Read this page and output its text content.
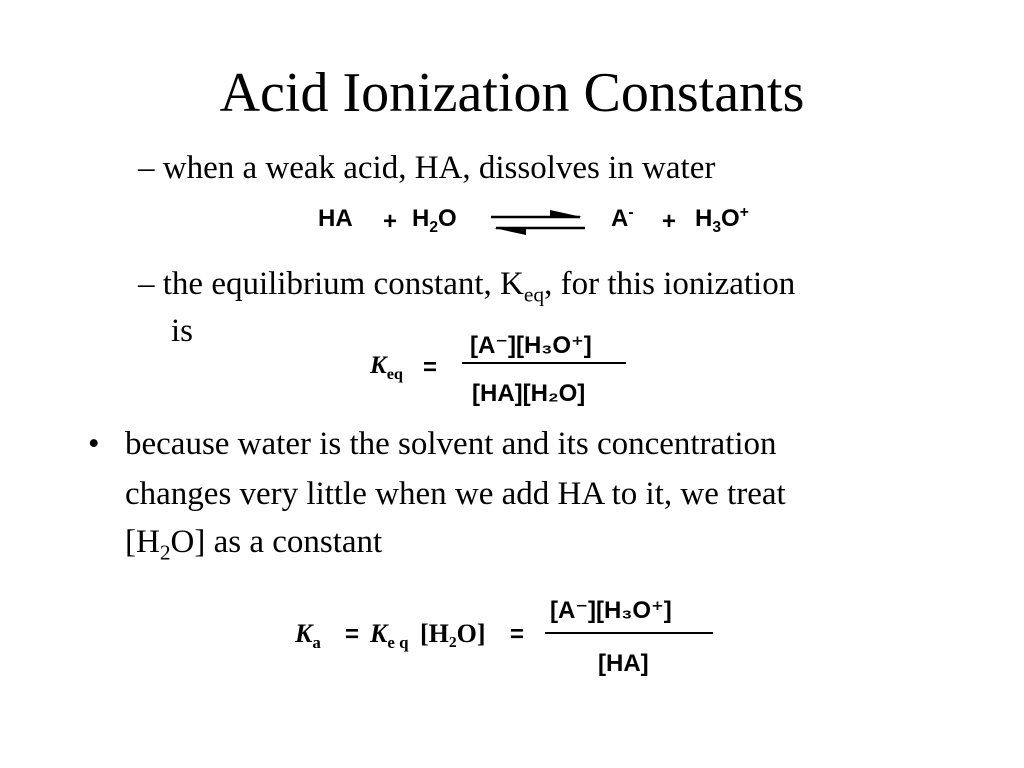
Acid Ionization Constants
– when a weak acid, HA, dissolves in water
HA + $H_2O$	$A^- + H_3O^+$
– the equilibrium constant, $K_{eq}$, for this ionization
is
$K_{eq}$ =
[A⁻][H₃O⁺]
[HA][H₂O]
• because water is the solvent and its concentration
changes very little when we add HA to it, we treat
$[H_2O]$ as a constant
$K_a = K_{e q}$ [H₂O] =
[A⁻][H₃O⁺]
[HA]
